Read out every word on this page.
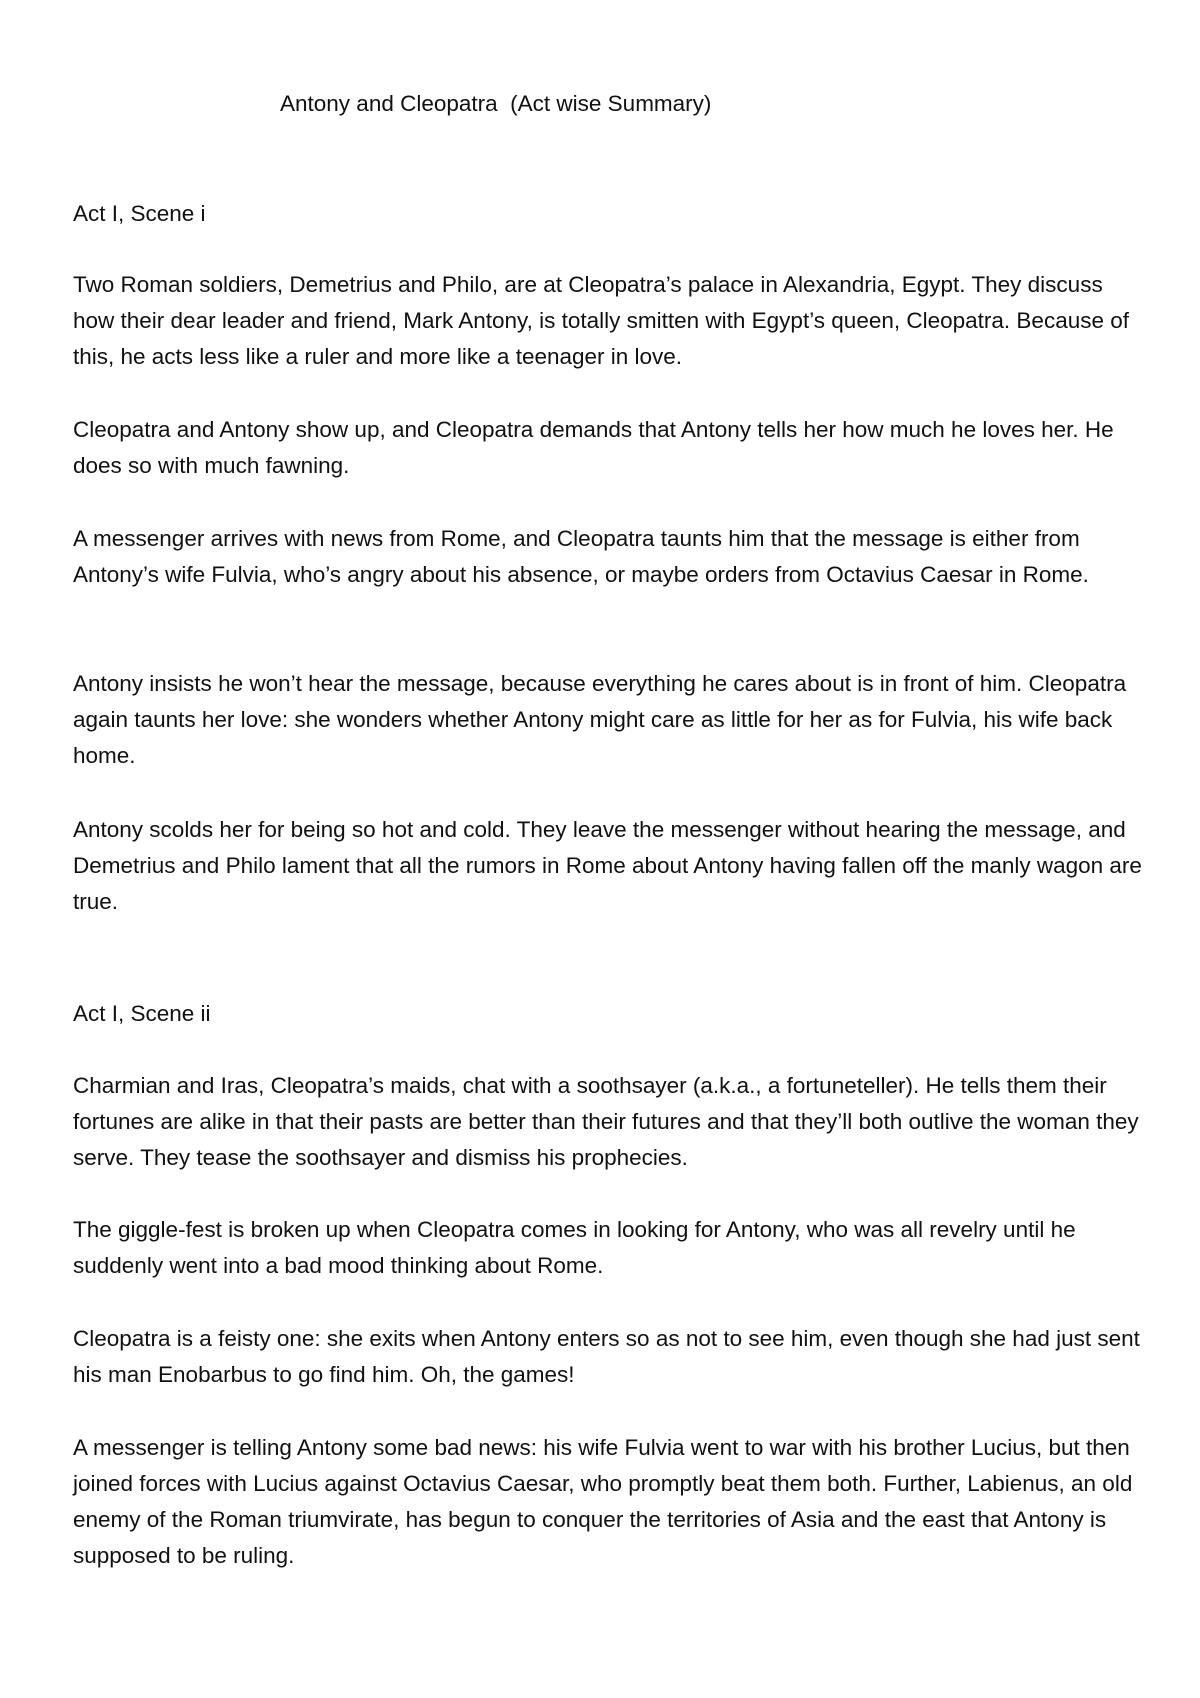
Antony and Cleopatra  (Act wise Summary)
Act I, Scene i

Two Roman soldiers, Demetrius and Philo, are at Cleopatra’s palace in Alexandria, Egypt. They discuss how their dear leader and friend, Mark Antony, is totally smitten with Egypt’s queen, Cleopatra. Because of this, he acts less like a ruler and more like a teenager in love.

Cleopatra and Antony show up, and Cleopatra demands that Antony tells her how much he loves her. He does so with much fawning.

A messenger arrives with news from Rome, and Cleopatra taunts him that the message is either from Antony’s wife Fulvia, who’s angry about his absence, or maybe orders from Octavius Caesar in Rome.

Antony insists he won’t hear the message, because everything he cares about is in front of him. Cleopatra again taunts her love: she wonders whether Antony might care as little for her as for Fulvia, his wife back home.

Antony scolds her for being so hot and cold. They leave the messenger without hearing the message, and Demetrius and Philo lament that all the rumors in Rome about Antony having fallen off the manly wagon are true.

Act I, Scene ii

Charmian and Iras, Cleopatra’s maids, chat with a soothsayer (a.k.a., a fortuneteller). He tells them their fortunes are alike in that their pasts are better than their futures and that they’ll both outlive the woman they serve. They tease the soothsayer and dismiss his prophecies.

The giggle-fest is broken up when Cleopatra comes in looking for Antony, who was all revelry until he suddenly went into a bad mood thinking about Rome.

Cleopatra is a feisty one: she exits when Antony enters so as not to see him, even though she had just sent his man Enobarbus to go find him. Oh, the games!

A messenger is telling Antony some bad news: his wife Fulvia went to war with his brother Lucius, but then joined forces with Lucius against Octavius Caesar, who promptly beat them both. Further, Labienus, an old enemy of the Roman triumvirate, has begun to conquer the territories of Asia and the east that Antony is supposed to be ruling.
